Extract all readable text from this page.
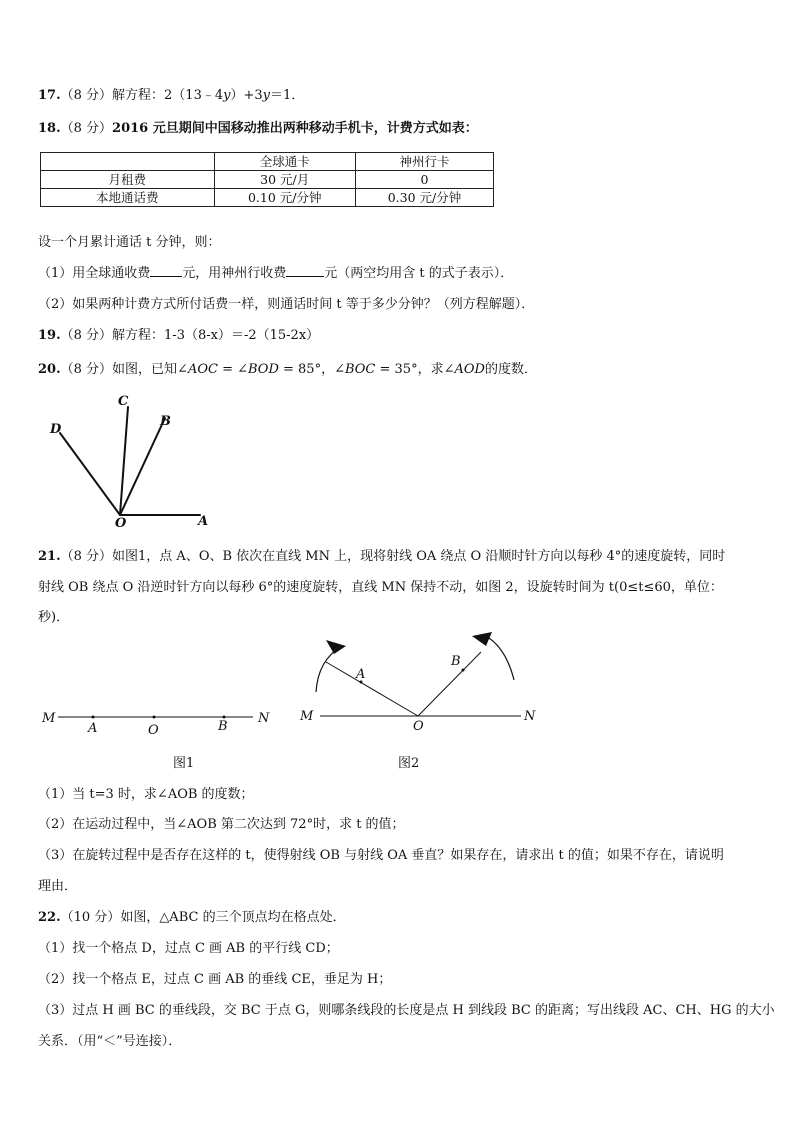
17.（8 分）解方程：2（13﹣4y）+3y＝1．
18.（8 分）2016 元旦期间中国移动推出两种移动手机卡，计费方式如表：
	全球通卡	神州行卡
月租费	30 元/月	0
本地通话费	0.10 元/分钟	0.30 元/分钟
设一个月累计通话 t 分钟，则：
（1）用全球通收费 元，用神州行收费	元（两空均用含 t 的式子表示）．
（2）如果两种计费方式所付话费一样，则通话时间 t 等于多少分钟？（列方程解题）．
19.（8 分）解方程：1-3（8-x）＝-2（15-2x）
20.（8 分）如图，已知∠AOC = ∠BOD = 85°，∠BOC = 35°，求∠AOD的度数．
C
B
D
O	A
21.（8 分）如图1，点 A、O、B 依次在直线 MN 上，现将射线 OA 绕点 O 沿顺时针方向以每秒 4°的速度旋转，同时
射线 OB 绕点 O 沿逆时针方向以每秒 6°的速度旋转，直线 MN 保持不动，如图 2，设旋转时间为 t(0≤t≤60，单位：
秒)．
M
A	O	B
N
图1
M
A
O
B
N
图2
（1）当 t=3 时，求∠AOB 的度数；
（2）在运动过程中，当∠AOB 第二次达到 72°时，求 t 的值；
（3）在旋转过程中是否存在这样的 t，使得射线 OB 与射线 OA 垂直？如果存在，请求出 t 的值；如果不存在，请说明
理由．
22.（10 分）如图，△ABC 的三个顶点均在格点处．
（1）找一个格点 D，过点 C 画 AB 的平行线 CD；
（2）找一个格点 E，过点 C 画 AB 的垂线 CE，垂足为 H；
（3）过点 H 画 BC 的垂线段，交 BC 于点 G，则哪条线段的长度是点 H 到线段 BC 的距离；写出线段 AC、CH、HG 的大小
关系．（用“＜”号连接）．
